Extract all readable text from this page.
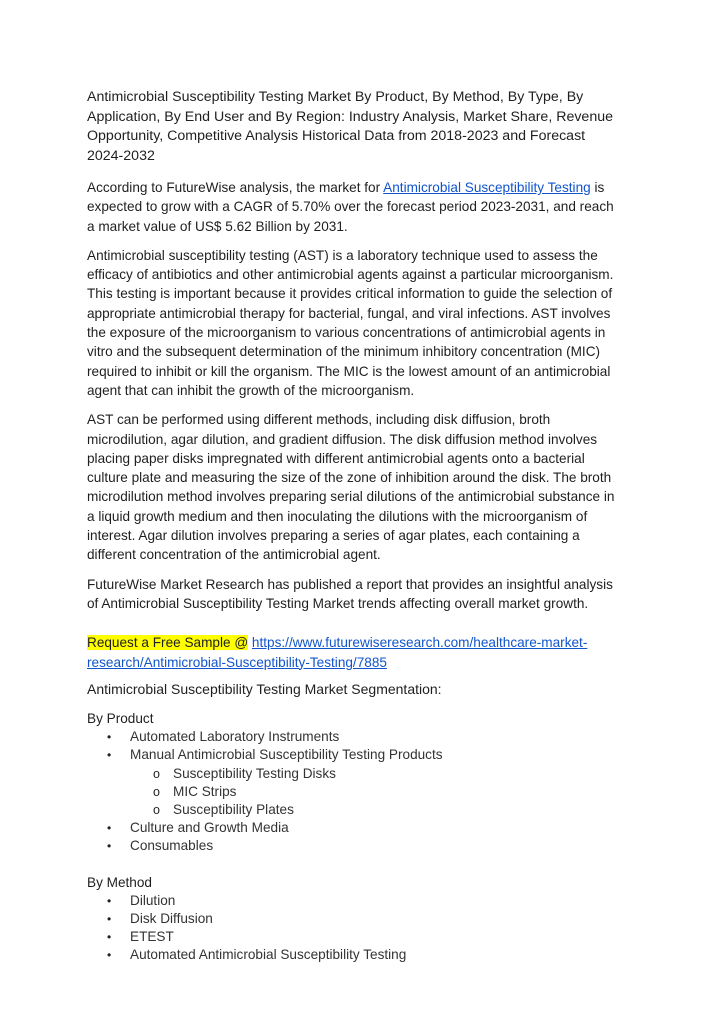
Antimicrobial Susceptibility Testing Market By Product, By Method, By Type, By Application, By End User and By Region: Industry Analysis, Market Share, Revenue Opportunity, Competitive Analysis Historical Data from 2018-2023 and Forecast 2024-2032

According to FutureWise analysis, the market for Antimicrobial Susceptibility Testing is expected to grow with a CAGR of 5.70% over the forecast period 2023-2031, and reach a market value of US$ 5.62 Billion by 2031.

Antimicrobial susceptibility testing (AST) is a laboratory technique used to assess the efficacy of antibiotics and other antimicrobial agents against a particular microorganism. This testing is important because it provides critical information to guide the selection of appropriate antimicrobial therapy for bacterial, fungal, and viral infections. AST involves the exposure of the microorganism to various concentrations of antimicrobial agents in vitro and the subsequent determination of the minimum inhibitory concentration (MIC) required to inhibit or kill the organism. The MIC is the lowest amount of an antimicrobial agent that can inhibit the growth of the microorganism.

AST can be performed using different methods, including disk diffusion, broth microdilution, agar dilution, and gradient diffusion. The disk diffusion method involves placing paper disks impregnated with different antimicrobial agents onto a bacterial culture plate and measuring the size of the zone of inhibition around the disk. The broth microdilution method involves preparing serial dilutions of the antimicrobial substance in a liquid growth medium and then inoculating the dilutions with the microorganism of interest. Agar dilution involves preparing a series of agar plates, each containing a different concentration of the antimicrobial agent.

FutureWise Market Research has published a report that provides an insightful analysis of Antimicrobial Susceptibility Testing Market trends affecting overall market growth.

Request a Free Sample @ https://www.futurewiseresearch.com/healthcare-market-research/Antimicrobial-Susceptibility-Testing/7885

Antimicrobial Susceptibility Testing Market Segmentation:

By Product
• Automated Laboratory Instruments
• Manual Antimicrobial Susceptibility Testing Products
o Susceptibility Testing Disks
o MIC Strips
o Susceptibility Plates
• Culture and Growth Media
• Consumables
By Method
• Dilution
• Disk Diffusion
• ETEST
• Automated Antimicrobial Susceptibility Testing
